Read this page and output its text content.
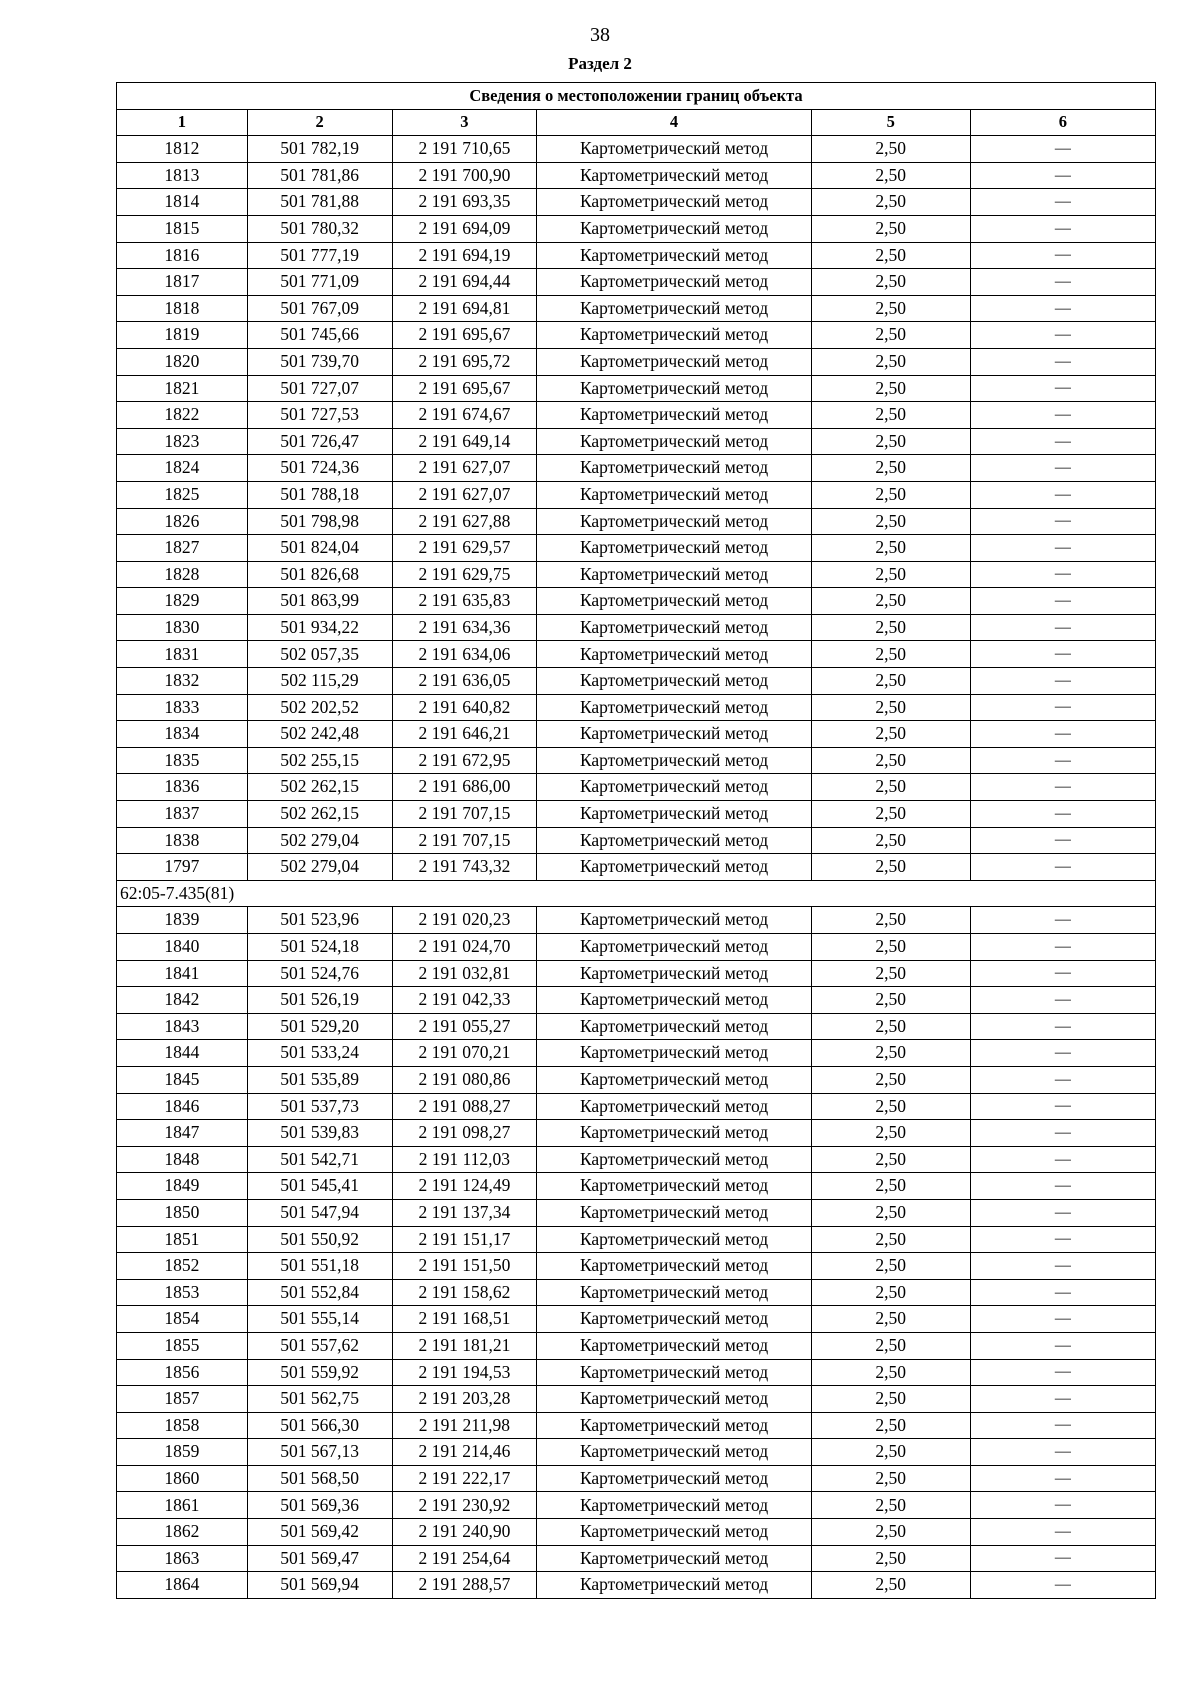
38
Раздел 2
Сведения о местоположении границ объекта					
1	2	3	4	5	6
1812	501 782,19	2 191 710,65	Картометрический метод	2,50	—
1813	501 781,86	2 191 700,90	Картометрический метод	2,50	—
1814	501 781,88	2 191 693,35	Картометрический метод	2,50	—
1815	501 780,32	2 191 694,09	Картометрический метод	2,50	—
1816	501 777,19	2 191 694,19	Картометрический метод	2,50	—
1817	501 771,09	2 191 694,44	Картометрический метод	2,50	—
1818	501 767,09	2 191 694,81	Картометрический метод	2,50	—
1819	501 745,66	2 191 695,67	Картометрический метод	2,50	—
1820	501 739,70	2 191 695,72	Картометрический метод	2,50	—
1821	501 727,07	2 191 695,67	Картометрический метод	2,50	—
1822	501 727,53	2 191 674,67	Картометрический метод	2,50	—
1823	501 726,47	2 191 649,14	Картометрический метод	2,50	—
1824	501 724,36	2 191 627,07	Картометрический метод	2,50	—
1825	501 788,18	2 191 627,07	Картометрический метод	2,50	—
1826	501 798,98	2 191 627,88	Картометрический метод	2,50	—
1827	501 824,04	2 191 629,57	Картометрический метод	2,50	—
1828	501 826,68	2 191 629,75	Картометрический метод	2,50	—
1829	501 863,99	2 191 635,83	Картометрический метод	2,50	—
1830	501 934,22	2 191 634,36	Картометрический метод	2,50	—
1831	502 057,35	2 191 634,06	Картометрический метод	2,50	—
1832	502 115,29	2 191 636,05	Картометрический метод	2,50	—
1833	502 202,52	2 191 640,82	Картометрический метод	2,50	—
1834	502 242,48	2 191 646,21	Картометрический метод	2,50	—
1835	502 255,15	2 191 672,95	Картометрический метод	2,50	—
1836	502 262,15	2 191 686,00	Картометрический метод	2,50	—
1837	502 262,15	2 191 707,15	Картометрический метод	2,50	—
1838	502 279,04	2 191 707,15	Картометрический метод	2,50	—
1797	502 279,04	2 191 743,32	Картометрический метод	2,50	—
62:05-7.435(81)					
1839	501 523,96	2 191 020,23	Картометрический метод	2,50	—
1840	501 524,18	2 191 024,70	Картометрический метод	2,50	—
1841	501 524,76	2 191 032,81	Картометрический метод	2,50	—
1842	501 526,19	2 191 042,33	Картометрический метод	2,50	—
1843	501 529,20	2 191 055,27	Картометрический метод	2,50	—
1844	501 533,24	2 191 070,21	Картометрический метод	2,50	—
1845	501 535,89	2 191 080,86	Картометрический метод	2,50	—
1846	501 537,73	2 191 088,27	Картометрический метод	2,50	—
1847	501 539,83	2 191 098,27	Картометрический метод	2,50	—
1848	501 542,71	2 191 112,03	Картометрический метод	2,50	—
1849	501 545,41	2 191 124,49	Картометрический метод	2,50	—
1850	501 547,94	2 191 137,34	Картометрический метод	2,50	—
1851	501 550,92	2 191 151,17	Картометрический метод	2,50	—
1852	501 551,18	2 191 151,50	Картометрический метод	2,50	—
1853	501 552,84	2 191 158,62	Картометрический метод	2,50	—
1854	501 555,14	2 191 168,51	Картометрический метод	2,50	—
1855	501 557,62	2 191 181,21	Картометрический метод	2,50	—
1856	501 559,92	2 191 194,53	Картометрический метод	2,50	—
1857	501 562,75	2 191 203,28	Картометрический метод	2,50	—
1858	501 566,30	2 191 211,98	Картометрический метод	2,50	—
1859	501 567,13	2 191 214,46	Картометрический метод	2,50	—
1860	501 568,50	2 191 222,17	Картометрический метод	2,50	—
1861	501 569,36	2 191 230,92	Картометрический метод	2,50	—
1862	501 569,42	2 191 240,90	Картометрический метод	2,50	—
1863	501 569,47	2 191 254,64	Картометрический метод	2,50	—
1864	501 569,94	2 191 288,57	Картометрический метод	2,50	—
